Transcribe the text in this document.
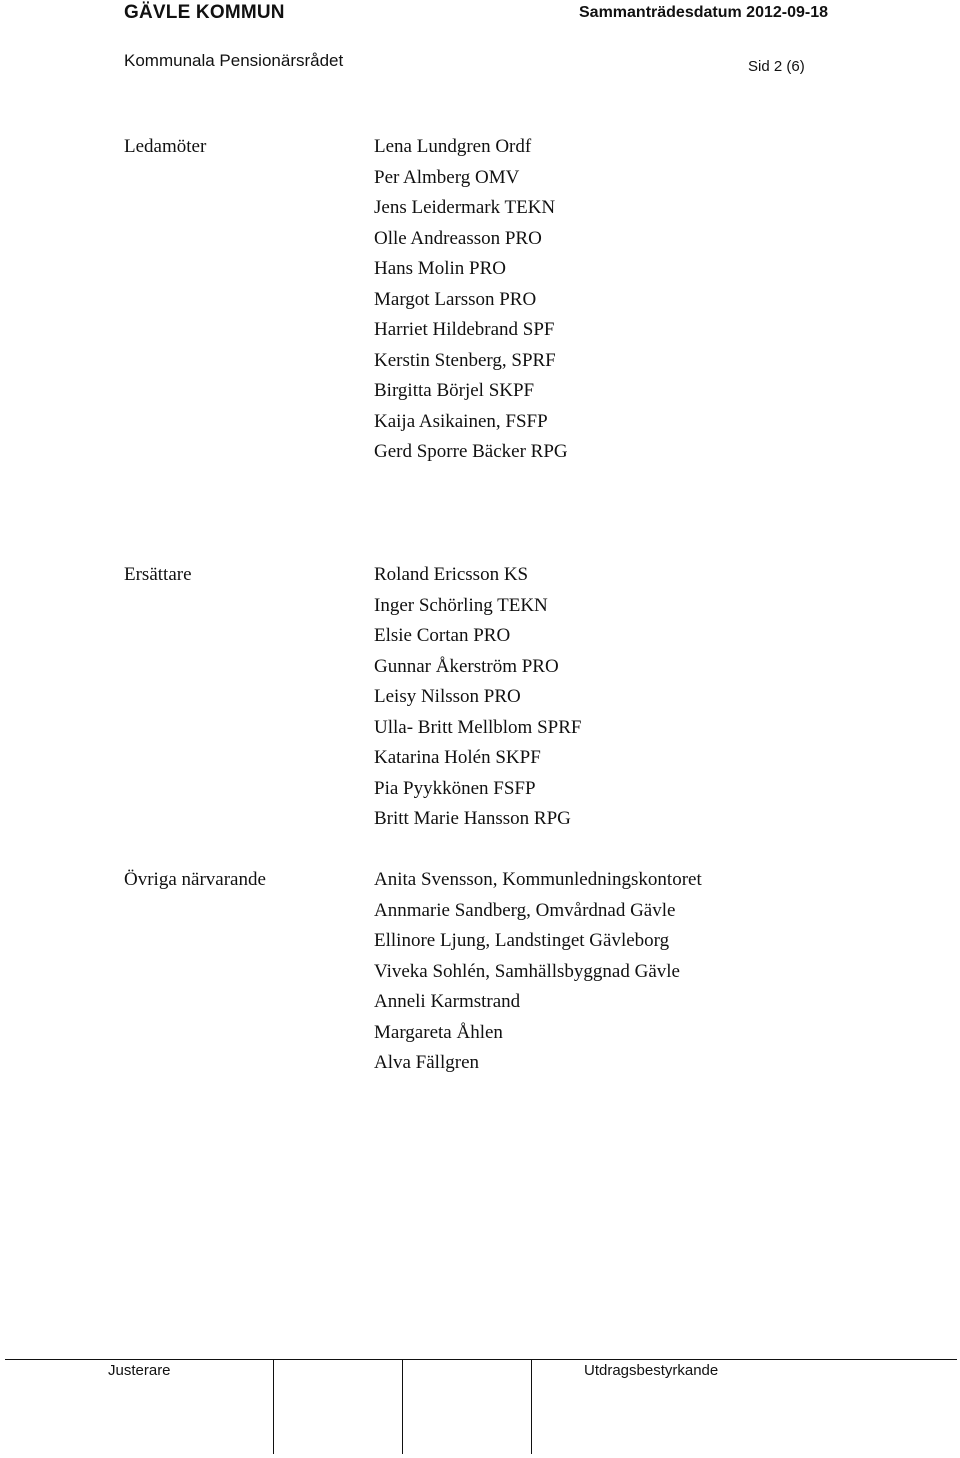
GÄVLE KOMMUN	Sammanträdesdatum 2012-09-18
Kommunala Pensionärsrådet	Sid 2 (6)
Ledamöter	Lena Lundgren Ordf
Per Almberg OMV
Jens Leidermark TEKN
Olle Andreasson PRO
Hans Molin PRO
Margot Larsson PRO
Harriet Hildebrand SPF
Kerstin Stenberg, SPRF
Birgitta Börjel SKPF
Kaija Asikainen, FSFP
Gerd Sporre Bäcker RPG
Ersättare	Roland Ericsson KS
Inger Schörling TEKN
Elsie Cortan PRO
Gunnar Åkerström PRO
Leisy Nilsson PRO
Ulla- Britt Mellblom SPRF
Katarina Holén SKPF
Pia Pyykkönen FSFP
Britt Marie Hansson RPG
Övriga närvarande	Anita Svensson, Kommunledningskontoret
Annmarie Sandberg, Omvårdnad Gävle
Ellinore Ljung, Landstinget Gävleborg
Viveka Sohlén, Samhällsbyggnad Gävle
Anneli Karmstrand
Margareta Åhlen
Alva Fällgren
Justerare	Utdragsbestyrkande
